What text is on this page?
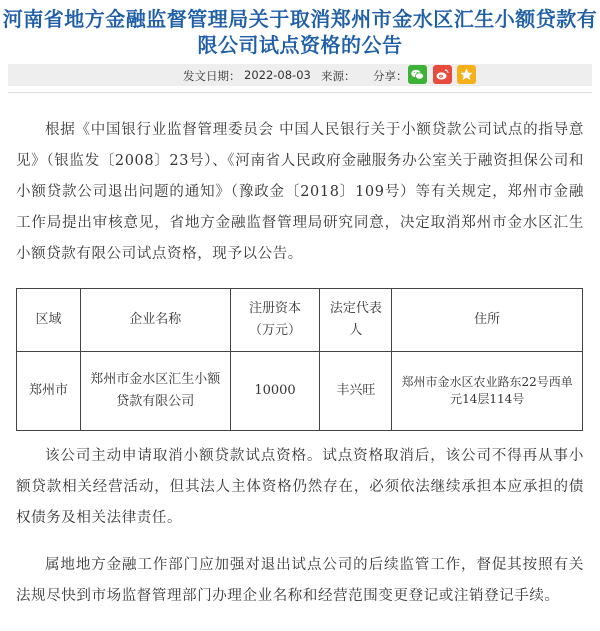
河南省地方金融监督管理局关于取消郑州市金水区汇生小额贷款有限公司试点资格的公告
发文日期： 2022-08-03 来源： 分享：

根据《中国银行业监督管理委员会 中国人民银行关于小额贷款公司试点的指导意见》（银监发〔2008〕23号）、《河南省人民政府金融服务办公室关于融资担保公司和小额贷款公司退出问题的通知》（豫政金〔2018〕109号）等有关规定，郑州市金融工作局提出审核意见，省地方金融监督管理局研究同意，决定取消郑州市金水区汇生小额贷款有限公司试点资格，现予以公告。

区域	企业名称	注册资本（万元）	法定代表人	住所
郑州市	郑州市金水区汇生小额贷款有限公司	10000	丰兴旺	郑州市金水区农业路东22号西单元14层114号

该公司主动申请取消小额贷款试点资格。试点资格取消后，该公司不得再从事小额贷款相关经营活动，但其法人主体资格仍然存在，必须依法继续承担本应承担的债权债务及相关法律责任。

属地地方金融工作部门应加强对退出试点公司的后续监管工作，督促其按照有关法规尽快到市场监督管理部门办理企业名称和经营范围变更登记或注销登记手续。
